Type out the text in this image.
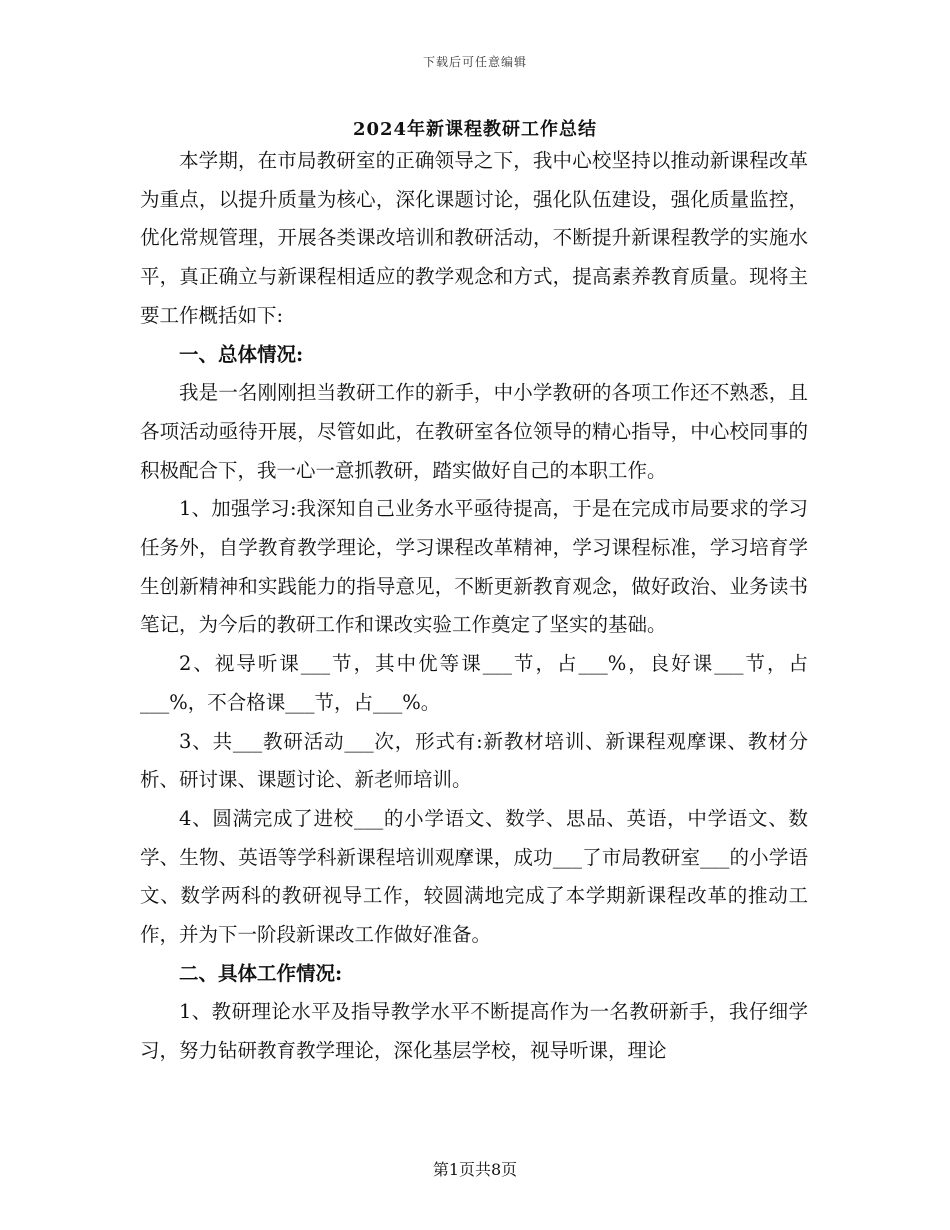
下载后可任意编辑
2024年新课程教研工作总结

本学期，在市局教研室的正确领导之下，我中心校坚持以推动新课程改革为重点，以提升质量为核心，深化课题讨论，强化队伍建设，强化质量监控，优化常规管理，开展各类课改培训和教研活动，不断提升新课程教学的实施水平，真正确立与新课程相适应的教学观念和方式，提高素养教育质量。现将主要工作概括如下:

一、总体情况:

我是一名刚刚担当教研工作的新手，中小学教研的各项工作还不熟悉，且各项活动亟待开展，尽管如此，在教研室各位领导的精心指导，中心校同事的积极配合下，我一心一意抓教研，踏实做好自己的本职工作。

1、加强学习:我深知自己业务水平亟待提高，于是在完成市局要求的学习任务外，自学教育教学理论，学习课程改革精神，学习课程标准，学习培育学生创新精神和实践能力的指导意见，不断更新教育观念，做好政治、业务读书笔记，为今后的教研工作和课改实验工作奠定了坚实的基础。

2、视导听课___节，其中优等课___节，占___%，良好课___节，占___%，不合格课___节，占___%。

3、共___教研活动___次，形式有:新教材培训、新课程观摩课、教材分析、研讨课、课题讨论、新老师培训。

4、圆满完成了进校___的小学语文、数学、思品、英语，中学语文、数学、生物、英语等学科新课程培训观摩课，成功___了市局教研室___的小学语文、数学两科的教研视导工作，较圆满地完成了本学期新课程改革的推动工作，并为下一阶段新课改工作做好准备。

二、具体工作情况:

1、教研理论水平及指导教学水平不断提高作为一名教研新手，我仔细学习，努力钻研教育教学理论，深化基层学校，视导听课，理论

第1页共8页
